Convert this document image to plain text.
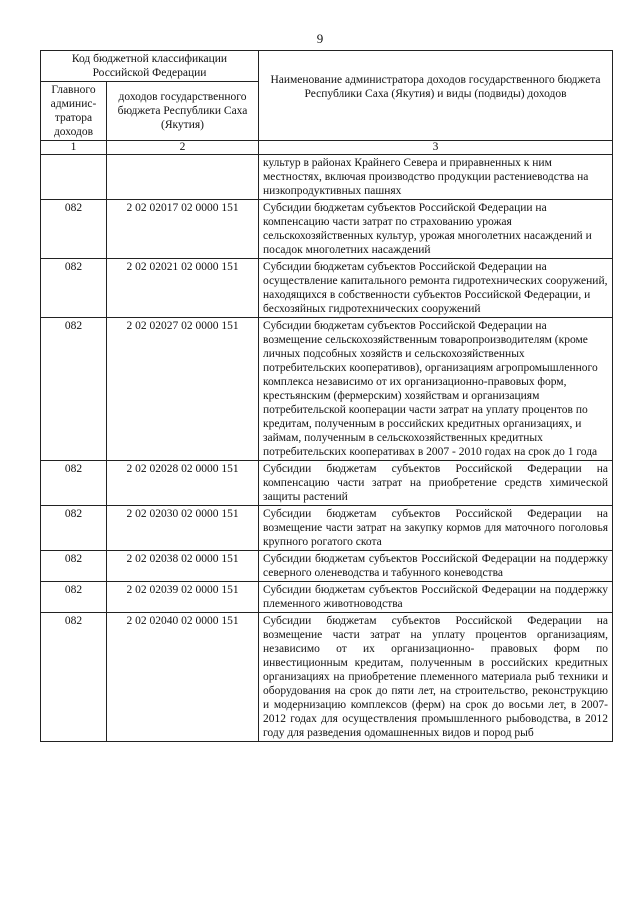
9
Код бюджетной классификации Российской Федерации		Наименование администратора доходов государственного бюджета Республики Саха (Якутия) и виды (подвиды) доходов
Главного админис-тратора доходов	доходов государственного бюджета Республики Саха (Якутия)	
1	2	3
		культур в районах Крайнего Севера и приравненных к ним местностях, включая производство продукции растениеводства на низкопродуктивных пашнях
082	2 02 02017 02 0000 151	Субсидии бюджетам субъектов Российской Федерации на компенсацию части затрат по страхованию урожая сельскохозяйственных культур, урожая многолетних насаждений и посадок многолетних насаждений
082	2 02 02021 02 0000 151	Субсидии бюджетам субъектов Российской Федерации на осуществление капитального ремонта гидротехнических сооружений, находящихся в собственности субъектов Российской Федерации, и бесхозяйных гидротехнических сооружений
082	2 02 02027 02 0000 151	Субсидии бюджетам субъектов Российской Федерации на возмещение сельскохозяйственным товаропроизводителям (кроме личных подсобных хозяйств и сельскохозяйственных потребительских кооперативов), организациям агропромышленного комплекса независимо от их организационно-правовых форм, крестьянским (фермерским) хозяйствам и организациям потребительской кооперации части затрат на уплату процентов по кредитам, полученным в российских кредитных организациях, и займам, полученным в сельскохозяйственных кредитных потребительских кооперативах в 2007 - 2010 годах на срок до 1 года
082	2 02 02028 02 0000 151	Субсидии бюджетам субъектов Российской Федерации на компенсацию части затрат на приобретение средств химической защиты растений
082	2 02 02030 02 0000 151	Субсидии бюджетам субъектов Российской Федерации на возмещение части затрат на закупку кормов для маточного поголовья крупного рогатого скота
082	2 02 02038 02 0000 151	Субсидии бюджетам субъектов Российской Федерации на поддержку северного оленеводства и табунного коневодства
082	2 02 02039 02 0000 151	Субсидии бюджетам субъектов Российской Федерации на поддержку племенного животноводства
082	2 02 02040 02 0000 151	Субсидии бюджетам субъектов Российской Федерации на возмещение части затрат на уплату процентов организациям, независимо от их организационно- правовых форм по инвестиционным кредитам, полученным в российских кредитных организациях на приобретение племенного материала рыб техники и оборудования на срок до пяти лет, на строительство, реконструкцию и модернизацию комплексов (ферм) на срок до восьми лет, в 2007-2012 годах для осуществления промышленного рыбоводства, в 2012 году для разведения одомашненных видов и пород рыб
